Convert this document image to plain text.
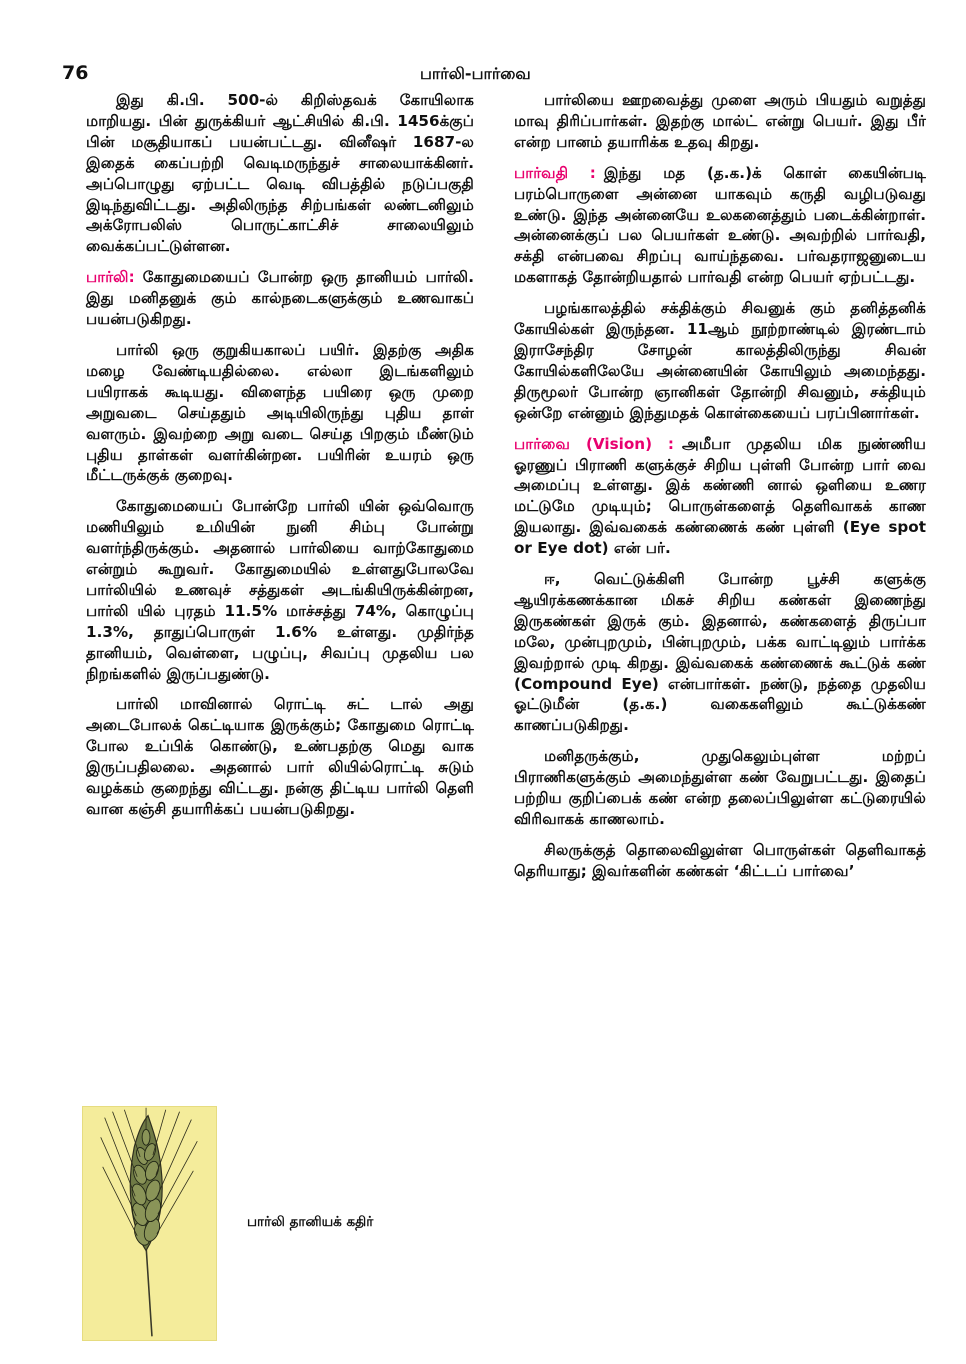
76	பார்லி-பார்வை

இது கி.பி. 500-ல் கிறிஸ்தவக் கோயிலாக மாறியது. பின் துருக்கியர் ஆட்சியில் கி.பி. 1456க்குப் பின் மசூதியாகப் பயன்பட்டது. வினீஷர் 1687-ல இதைக் கைப்பற்றி வெடிமருந்துச் சாலையாக்கினர். அப்பொழுது ஏற்பட்ட வெடி விபத்தில் நடுப்பகுதி இடிந்துவிட்டது. அதிலிருந்த சிற்பங்கள் லண்டனிலும் அக்ரோபலிஸ் பொருட்காட்சிச் சாலையிலும் வைக்கப்பட்டுள்ளன.

பார்லி: கோதுமையைப் போன்ற ஒரு தானியம் பார்லி. இது மனிதனுக் கும் கால்நடைகளுக்கும் உணவாகப் பயன்படுகிறது.

பார்லி ஒரு குறுகியகாலப் பயிர். இதற்கு அதிக மழை வேண்டியதில்லை. எல்லா இடங்களிலும் பயிராகக் கூடியது. விளைந்த பயிரை ஒரு முறை அறுவடை செய்ததும் அடியிலிருந்து புதிய தாள் வளரும். இவற்றை அறு வடை செய்த பிறகும் மீண்டும் புதிய தாள்கள் வளர்கின்றன. பயிரின் உயரம் ஒரு மீட்டருக்குக் குறைவு.

கோதுமையைப் போன்றே பார்லி யின் ஒவ்வொரு மணியிலும் உமியின் நுனி சிம்பு போன்று வளர்ந்திருக்கும். அதனால் பார்லியை வாற்கோதுமை என்றும் கூறுவர். கோதுமையில் உள்ளதுபோலவே பார்லியில் உணவுச் சத்துகள் அடங்கியிருக்கின்றன, பார்லி யில் புரதம் 11.5% மாச்சத்து 74%, கொழுப்பு 1.3%, தாதுப்பொருள் 1.6% உள்ளது. முதிர்ந்த தானியம், வெள்ளை, பழுப்பு, சிவப்பு முதலிய பல நிறங்களில் இருப்பதுண்டு.

பார்லி மாவினால் ரொட்டி சுட் டால் அது அடைபோலக் கெட்டியாக இருக்கும்; கோதுமை ரொட்டி போல உப்பிக் கொண்டு, உண்பதற்கு மெது வாக இருப்பதிலலை. அதனால் பார் லியில்ரொட்டி சுடும் வழக்கம் குறைந்து விட்டது. நன்கு திட்டிய பார்லி தெளி வான கஞ்சி தயாரிக்கப் பயன்படுகிறது.

பார்லியை ஊறவைத்து முளை அரும் பியதும் வறுத்து மாவு திரிப்பார்கள். இதற்கு மால்ட் என்று பெயர். இது பீர் என்ற பானம் தயாரிக்க உதவு கிறது.

பார்வதி : இந்து மத (த.க.)க் கொள் கையின்படி பரம்பொருளை அன்னை யாகவும் கருதி வழிபடுவது உண்டு. இந்த அன்னையே உலகனைத்தும் படைக்கின்றாள். அன்னைக்குப் பல பெயர்கள் உண்டு. அவற்றில் பார்வதி, சக்தி என்பவை சிறப்பு வாய்ந்தவை. பர்வதராஜனுடைய மகளாகத் தோன்றியதால் பார்வதி என்ற பெயர் ஏற்பட்டது.

பழங்காலத்தில் சக்திக்கும் சிவனுக் கும் தனித்தனிக் கோயில்கள் இருந்தன. 11ஆம் நூற்றாண்டில் இரண்டாம் இராசேந்திர சோழன் காலத்திலிருந்து சிவன் கோயில்களிலேயே அன்னையின் கோயிலும் அமைந்தது. திருமூலர் போன்ற ஞானிகள் தோன்றி சிவனும், சக்தியும் ஒன்றே என்னும் இந்துமதக் கொள்கையைப் பரப்பினார்கள்.

பார்வை (Vision) : அமீபா முதலிய மிக நுண்ணிய ஓரணுப் பிராணி களுக்குச் சிறிய புள்ளி போன்ற பார் வை அமைப்பு உள்ளது. இக் கண்ணி னால் ஒளியை உணர மட்டுமே முடியும்; பொருள்களைத் தெளிவாகக் காண இயலாது. இவ்வகைக் கண்ணைக் கண் புள்ளி (Eye spot or Eye dot) என் பர்.

ஈ, வெட்டுக்கிளி போன்ற பூச்சி களுக்கு ஆயிரக்கணக்கான மிகச் சிறிய கண்கள் இணைந்து இருகண்கள் இருக் கும். இதனால், கண்களைத் திருப்பா மலே, முன்புறமும், பின்புறமும், பக்க வாட்டிலும் பார்க்க இவற்றால் முடி கிறது. இவ்வகைக் கண்ணைக் கூட்டுக் கண் (Compound Eye) என்பார்கள். நண்டு, நத்தை முதலிய ஓட்டுமீன் (த.க.) வகைகளிலும் கூட்டுக்கண் காணப்படுகிறது.

மனிதருக்கும், முதுகெலும்புள்ள மற்றப் பிராணிகளுக்கும் அமைந்துள்ள கண் வேறுபட்டது. இதைப் பற்றிய குறிப்பைக் கண் என்ற தலைப்பிலுள்ள கட்டுரையில் விரிவாகக் காணலாம்.

சிலருக்குத் தொலைவிலுள்ள பொருள்கள் தெளிவாகத் தெரியாது; இவர்களின் கண்கள் ‘கிட்டப் பார்வை’

பார்லி தானியக் கதிர்
